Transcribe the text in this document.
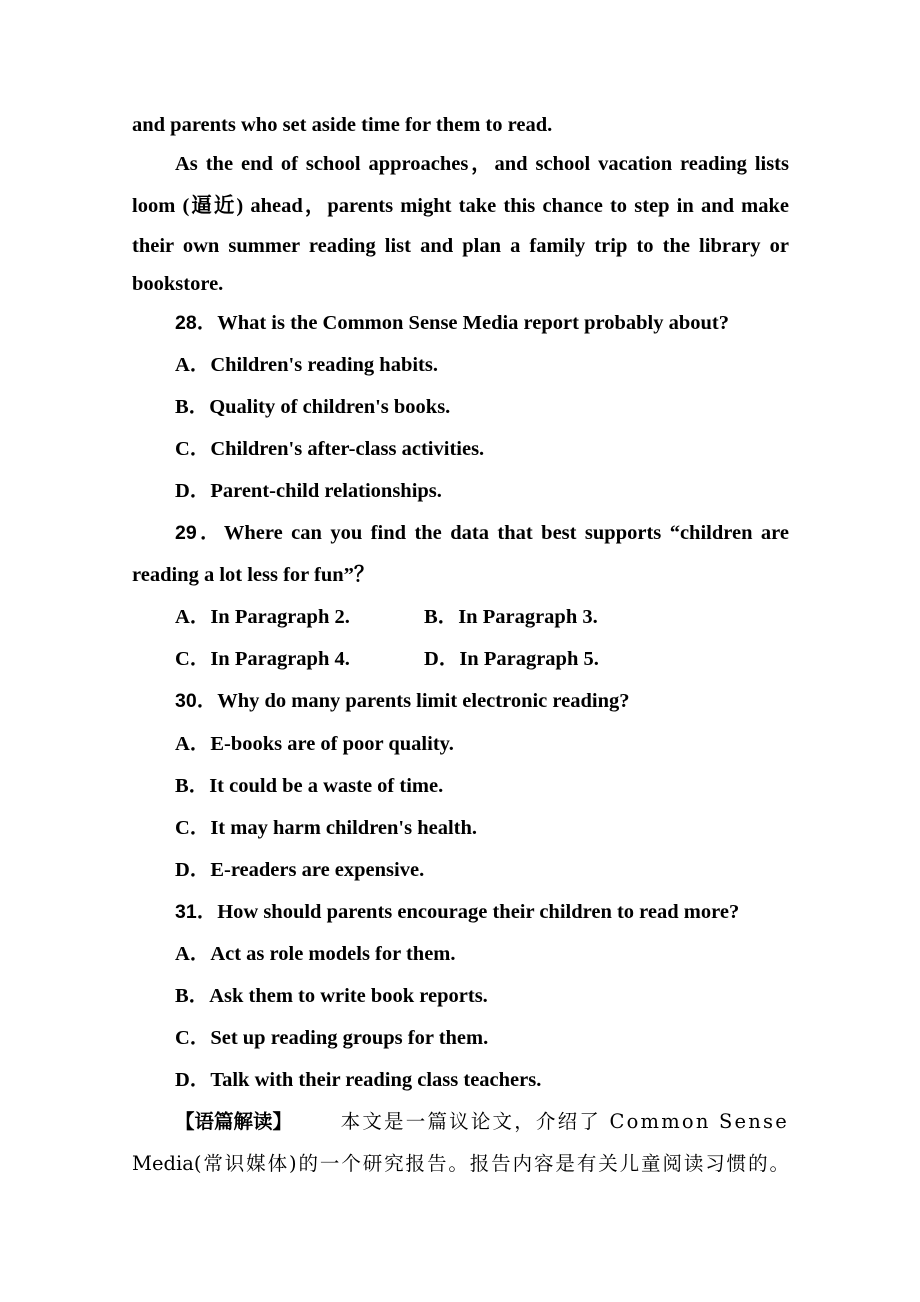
and parents who set aside time for them to read.
As the end of school approaches，and school vacation reading lists
loom (逼近) ahead，parents might take this chance to step in and make
their own summer reading list and plan a family trip to the library or
bookstore.
28．What is the Common Sense Media report probably about?
A．Children's reading habits.
B．Quality of children's books.
C．Children's after-class activities.
D．Parent-child relationships.
29．Where can you find the data that best supports “children are
reading a lot less for fun”？
A．In Paragraph 2.	B．In Paragraph 3.
C．In Paragraph 4.	D．In Paragraph 5.
30．Why do many parents limit electronic reading?
A．E-books are of poor quality.
B．It could be a waste of time.
C．It may harm children's health.
D．E-readers are expensive.
31．How should parents encourage their children to read more?
A．Act as role models for them.
B．Ask them to write book reports.
C．Set up reading groups for them.
D．Talk with their reading class teachers.
【语篇解读】 本文是一篇议论文，介绍了 Common Sense
Media(常识媒体)的一个研究报告。报告内容是有关儿童阅读习惯的。
